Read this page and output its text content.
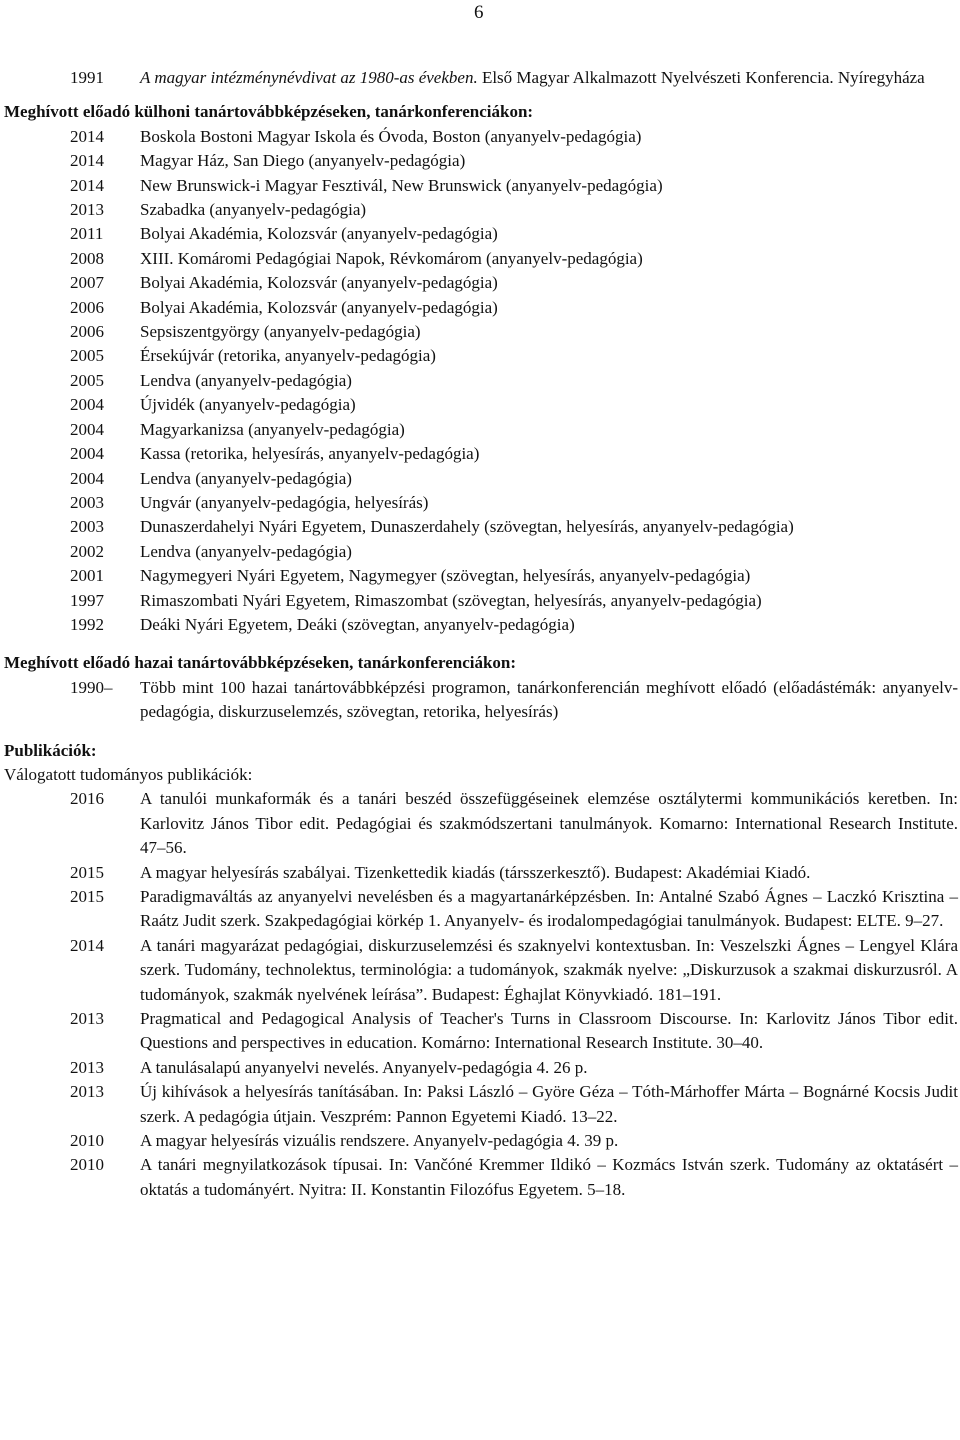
6
1991	A magyar intézménynévdivat az 1980-as években. Első Magyar Alkalmazott Nyelvészeti Konferencia. Nyíregyháza
Meghívott előadó külhoni tanártovábbképzéseken, tanárkonferenciákon:
2014	Boskola Bostoni Magyar Iskola és Óvoda, Boston (anyanyelv-pedagógia)
2014	Magyar Ház, San Diego (anyanyelv-pedagógia)
2014	New Brunswick-i Magyar Fesztivál, New Brunswick (anyanyelv-pedagógia)
2013	Szabadka (anyanyelv-pedagógia)
2011	Bolyai Akadémia, Kolozsvár (anyanyelv-pedagógia)
2008	XIII. Komáromi Pedagógiai Napok, Révkomárom (anyanyelv-pedagógia)
2007	Bolyai Akadémia, Kolozsvár (anyanyelv-pedagógia)
2006	Bolyai Akadémia, Kolozsvár (anyanyelv-pedagógia)
2006	Sepsiszentgyörgy (anyanyelv-pedagógia)
2005	Érsekújvár (retorika, anyanyelv-pedagógia)
2005	Lendva (anyanyelv-pedagógia)
2004	Újvidék (anyanyelv-pedagógia)
2004	Magyarkanizsa (anyanyelv-pedagógia)
2004	Kassa (retorika, helyesírás, anyanyelv-pedagógia)
2004	Lendva (anyanyelv-pedagógia)
2003	Ungvár (anyanyelv-pedagógia, helyesírás)
2003	Dunaszerdahelyi Nyári Egyetem, Dunaszerdahely (szövegtan, helyesírás, anyanyelv-pedagógia)
2002	Lendva (anyanyelv-pedagógia)
2001	Nagymegyeri Nyári Egyetem, Nagymegyer (szövegtan, helyesírás, anyanyelv-pedagógia)
1997	Rimaszombati Nyári Egyetem, Rimaszombat (szövegtan, helyesírás, anyanyelv-pedagógia)
1992	Deáki Nyári Egyetem, Deáki (szövegtan, anyanyelv-pedagógia)
Meghívott előadó hazai tanártovábbképzéseken, tanárkonferenciákon:
1990–	Több mint 100 hazai tanártovábbképzési programon, tanárkonferencián meghívott előadó (előadástémák: anyanyelv-pedagógia, diskurzuselemzés, szövegtan, retorika, helyesírás)
Publikációk:
Válogatott tudományos publikációk:
2016	A tanulói munkaformák és a tanári beszéd összefüggéseinek elemzése osztálytermi kommunikációs keretben. In: Karlovitz János Tibor edit. Pedagógiai és szakmódszertani tanulmányok. Komarno: International Research Institute. 47–56.
2015	A magyar helyesírás szabályai. Tizenkettedik kiadás (társszerkesztő). Budapest: Akadémiai Kiadó.
2015	Paradigmaváltás az anyanyelvi nevelésben és a magyartanárképzésben. In: Antalné Szabó Ágnes – Laczkó Krisztina – Raátz Judit szerk. Szakpedagógiai körkép 1. Anyanyelv- és irodalompedagógiai tanulmányok. Budapest: ELTE. 9–27.
2014	A tanári magyarázat pedagógiai, diskurzuselemzési és szaknyelvi kontextusban. In: Veszelszki Ágnes – Lengyel Klára szerk. Tudomány, technolektus, terminológia: a tudományok, szakmák nyelve: „Diskurzusok a szakmai diskurzusról. A tudományok, szakmák nyelvének leírása”. Budapest: Éghajlat Könyvkiadó. 181–191.
2013	Pragmatical and Pedagogical Analysis of Teacher's Turns in Classroom Discourse. In: Karlovitz János Tibor edit. Questions and perspectives in education. Komárno: International Research Institute. 30–40.
2013	A tanulásalapú anyanyelvi nevelés. Anyanyelv-pedagógia 4. 26 p.
2013	Új kihívások a helyesírás tanításában. In: Paksi László – Györe Géza – Tóth-Márhoffer Márta – Bognárné Kocsis Judit szerk. A pedagógia útjain. Veszprém: Pannon Egyetemi Kiadó. 13–22.
2010	A magyar helyesírás vizuális rendszere. Anyanyelv-pedagógia 4. 39 p.
2010	A tanári megnyilatkozások típusai. In: Vančóné Kremmer Ildikó – Kozmács István szerk. Tudomány az oktatásért – oktatás a tudományért. Nyitra: II. Konstantin Filozófus Egyetem. 5–18.
